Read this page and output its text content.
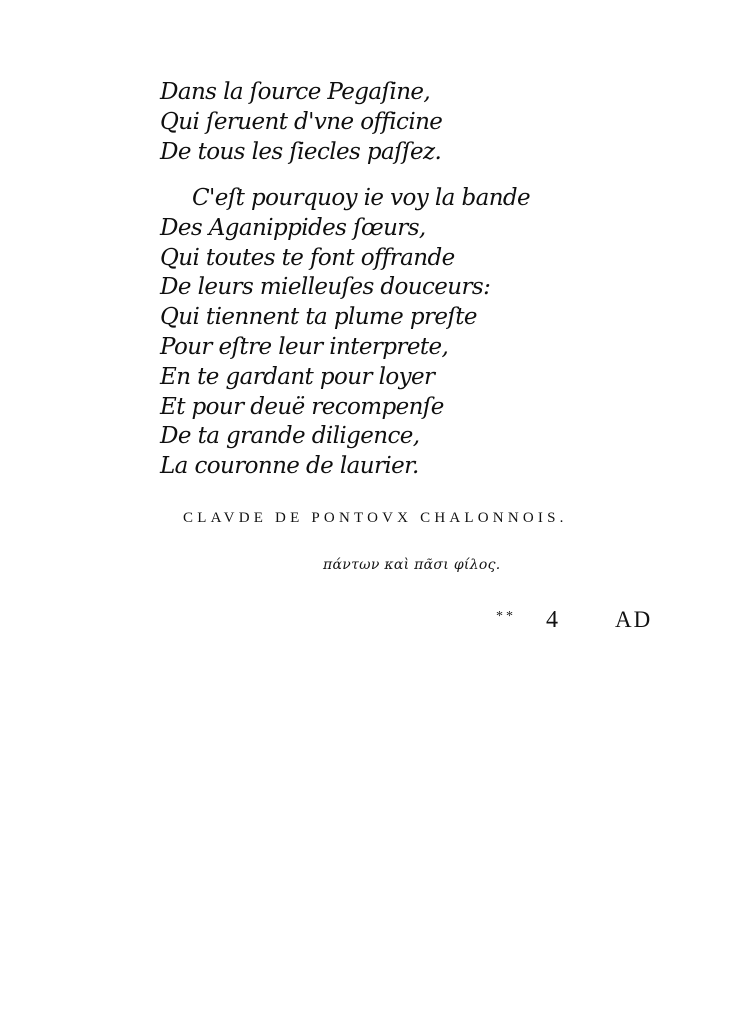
Dans la ſource Pegaſine,
Qui ſeruent d'vne officine
De tous les ſiecles paſſez.
C'eſt pourquoy ie voy la bande
Des Aganippides ſœurs,
Qui toutes te font offrande
De leurs mielleuſes douceurs:
Qui tiennent ta plume preſte
Pour eſtre leur interprete,
En te gardant pour loyer
Et pour deuë recompenſe
De ta grande diligence,
La couronne de laurier.
CLAVDE DE PONTOVX CHALONNOIS.
πάντων καὶ πᾶσι φίλος.
** 4 AD
